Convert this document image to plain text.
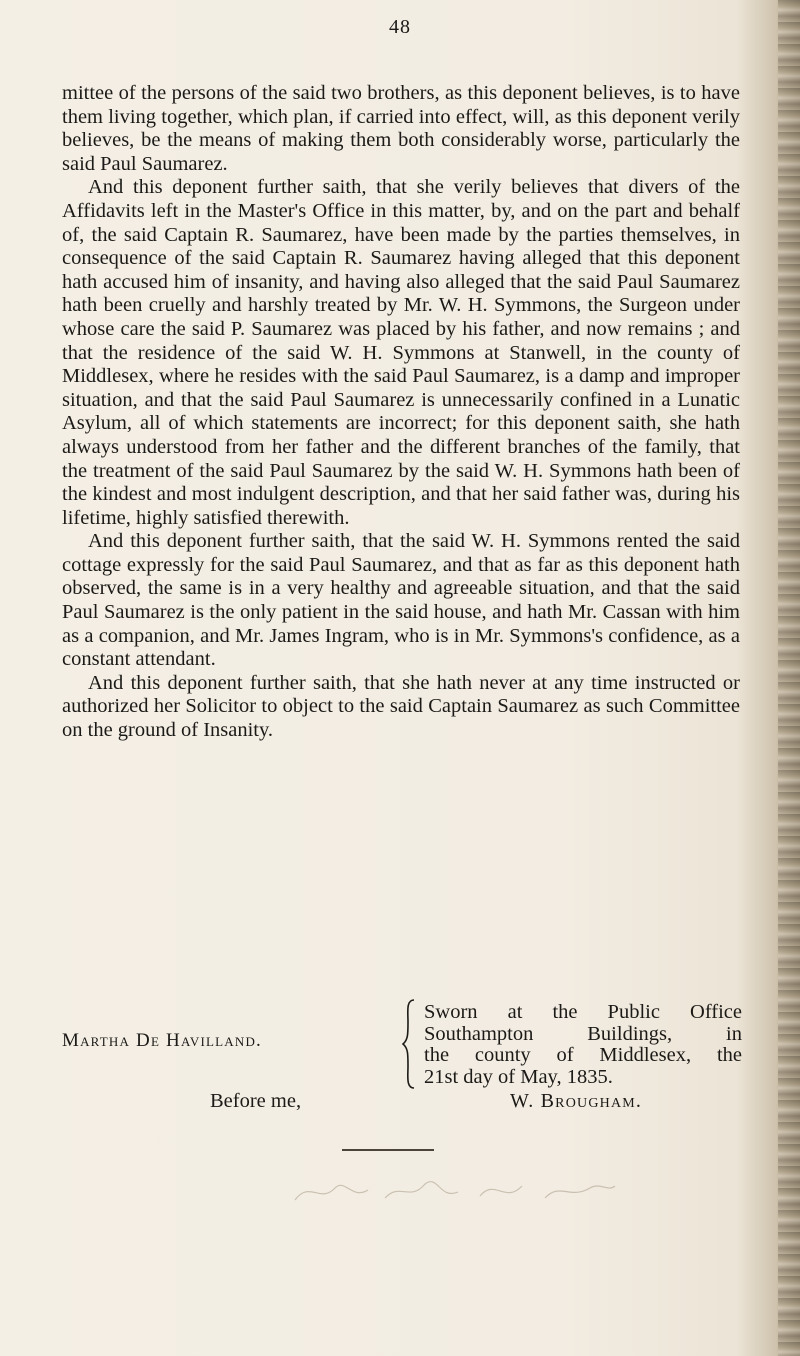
48

mittee of the persons of the said two brothers, as this deponent believes, is to have them living together, which plan, if carried into effect, will, as this deponent verily believes, be the means of making them both considerably worse, particularly the said Paul Saumarez.

And this deponent further saith, that she verily believes that divers of the Affidavits left in the Master's Office in this matter, by, and on the part and behalf of, the said Captain R. Saumarez, have been made by the parties themselves, in consequence of the said Captain R. Saumarez having alleged that this deponent hath accused him of insanity, and having also alleged that the said Paul Saumarez hath been cruelly and harshly treated by Mr. W. H. Symmons, the Surgeon under whose care the said P. Saumarez was placed by his father, and now remains ; and that the residence of the said W. H. Symmons at Stanwell, in the county of Middlesex, where he resides with the said Paul Saumarez, is a damp and improper situation, and that the said Paul Saumarez is unnecessarily confined in a Lunatic Asylum, all of which statements are incorrect; for this deponent saith, she hath always understood from her father and the different branches of the family, that the treatment of the said Paul Saumarez by the said W. H. Symmons hath been of the kindest and most indulgent description, and that her said father was, during his lifetime, highly satisfied therewith.

And this deponent further saith, that the said W. H. Symmons rented the said cottage expressly for the said Paul Saumarez, and that as far as this deponent hath observed, the same is in a very healthy and agreeable situation, and that the said Paul Saumarez is the only patient in the said house, and hath Mr. Cassan with him as a companion, and Mr. James Ingram, who is in Mr. Symmons's confidence, as a constant attendant.

And this deponent further saith, that she hath never at any time instructed or authorized her Solicitor to object to the said Captain Saumarez as such Committee on the ground of Insanity.

Martha De Havilland.
Sworn at the Public Office
Southampton Buildings, in
the county of Middlesex, the
21st day of May, 1835.
Before me,	W. Brougham.
